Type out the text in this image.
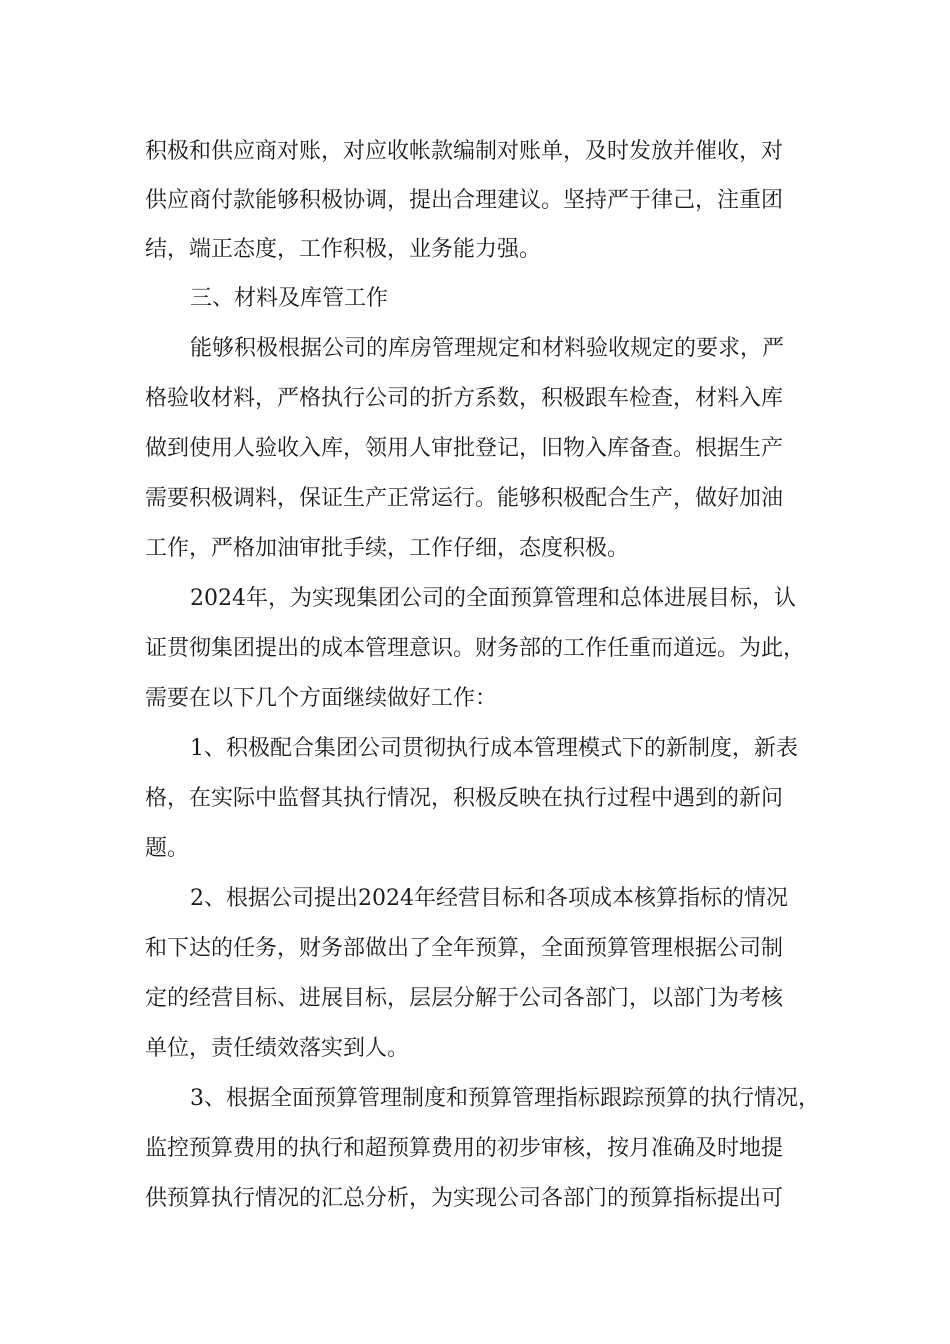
积极和供应商对账，对应收帐款编制对账单，及时发放并催收，对
供应商付款能够积极协调，提出合理建议。坚持严于律己，注重团
结，端正态度，工作积极，业务能力强。
三、材料及库管工作
能够积极根据公司的库房管理规定和材料验收规定的要求，严
格验收材料，严格执行公司的折方系数，积极跟车检查，材料入库
做到使用人验收入库，领用人审批登记，旧物入库备查。根据生产
需要积极调料，保证生产正常运行。能够积极配合生产，做好加油
工作，严格加油审批手续，工作仔细，态度积极。
2024年，为实现集团公司的全面预算管理和总体进展目标，认
证贯彻集团提出的成本管理意识。财务部的工作任重而道远。为此，
需要在以下几个方面继续做好工作：
1、积极配合集团公司贯彻执行成本管理模式下的新制度，新表
格，在实际中监督其执行情况，积极反映在执行过程中遇到的新问
题。
2、根据公司提出2024年经营目标和各项成本核算指标的情况
和下达的任务，财务部做出了全年预算，全面预算管理根据公司制
定的经营目标、进展目标，层层分解于公司各部门，以部门为考核
单位，责任绩效落实到人。
3、根据全面预算管理制度和预算管理指标跟踪预算的执行情况，
监控预算费用的执行和超预算费用的初步审核，按月准确及时地提
供预算执行情况的汇总分析，为实现公司各部门的预算指标提出可
